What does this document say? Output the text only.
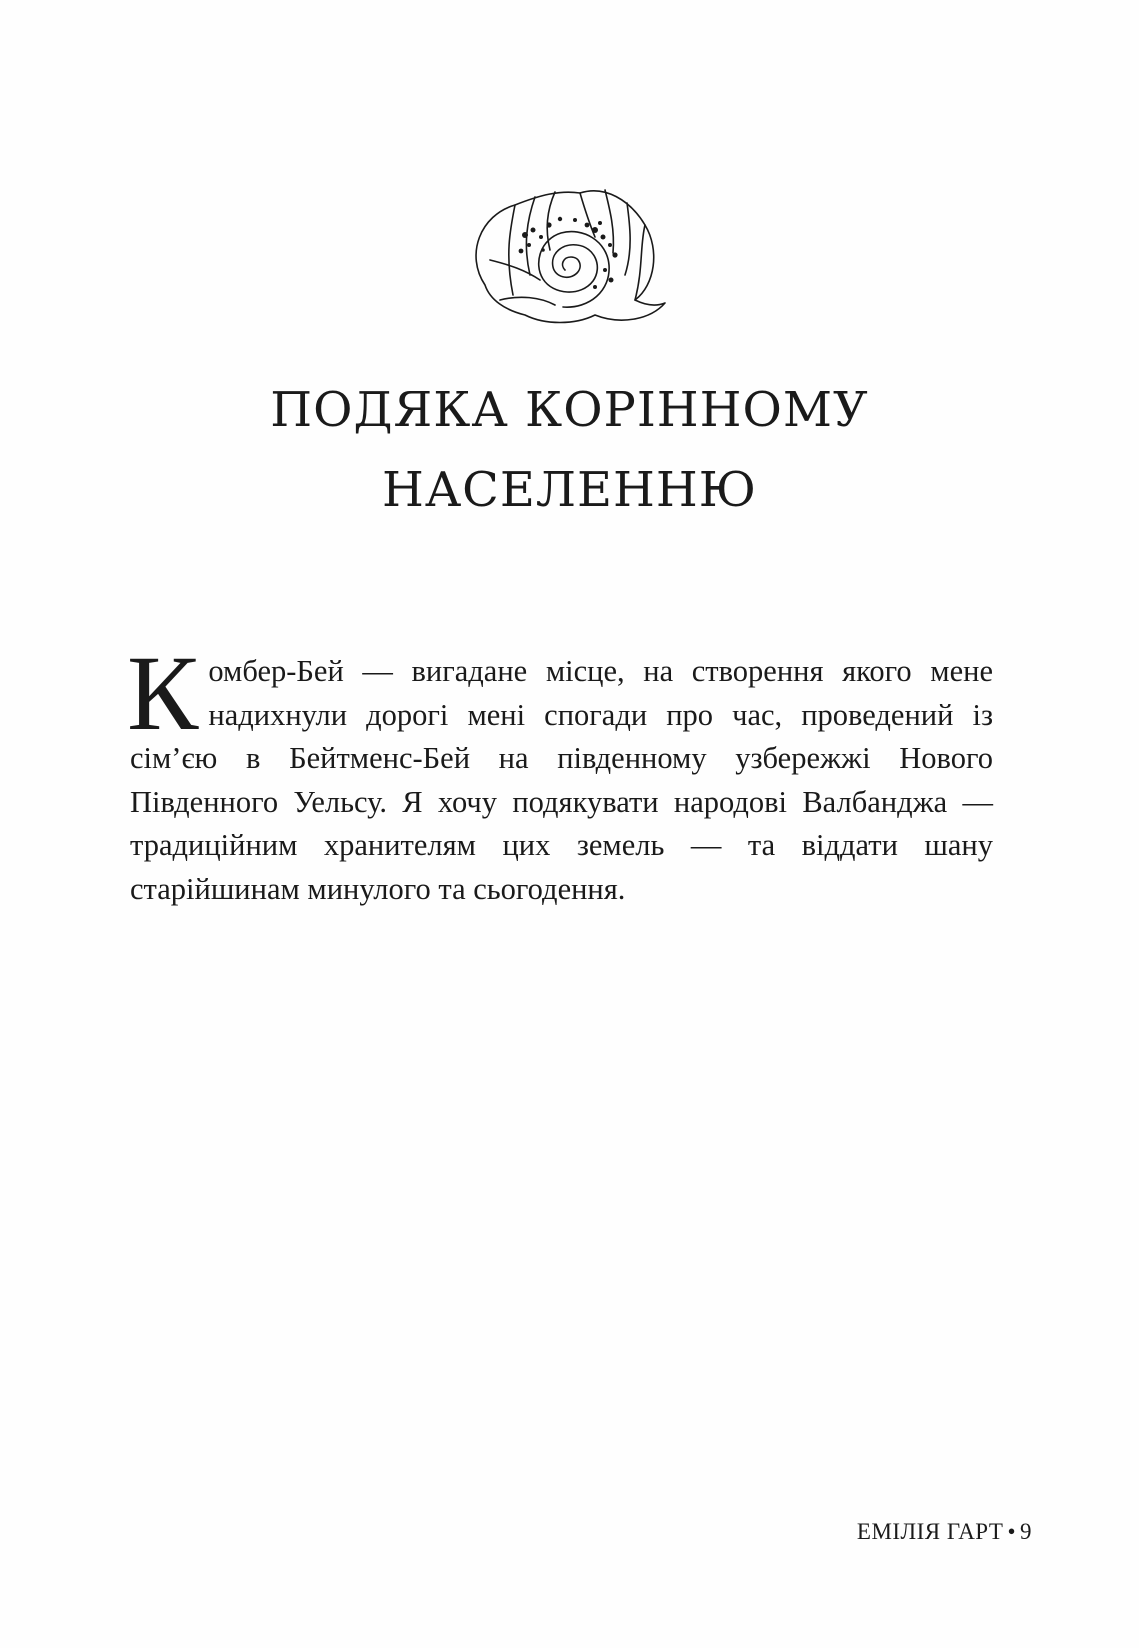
ПОДЯКА КОРІННОМУ
НАСЕЛЕННЮ

Комбер-Бей — вигадане місце, на створення якого мене надихнули дорогі мені спогади про час, проведений із сім’єю в Бейтменс-Бей на південному узбережжі Нового Південного Уельсу. Я хочу подякувати народові Валбанджа — традиційним хранителям цих земель — та віддати шану старійшинам минулого та сьогодення.

ЕМІЛІЯ ГАРТ • 9
